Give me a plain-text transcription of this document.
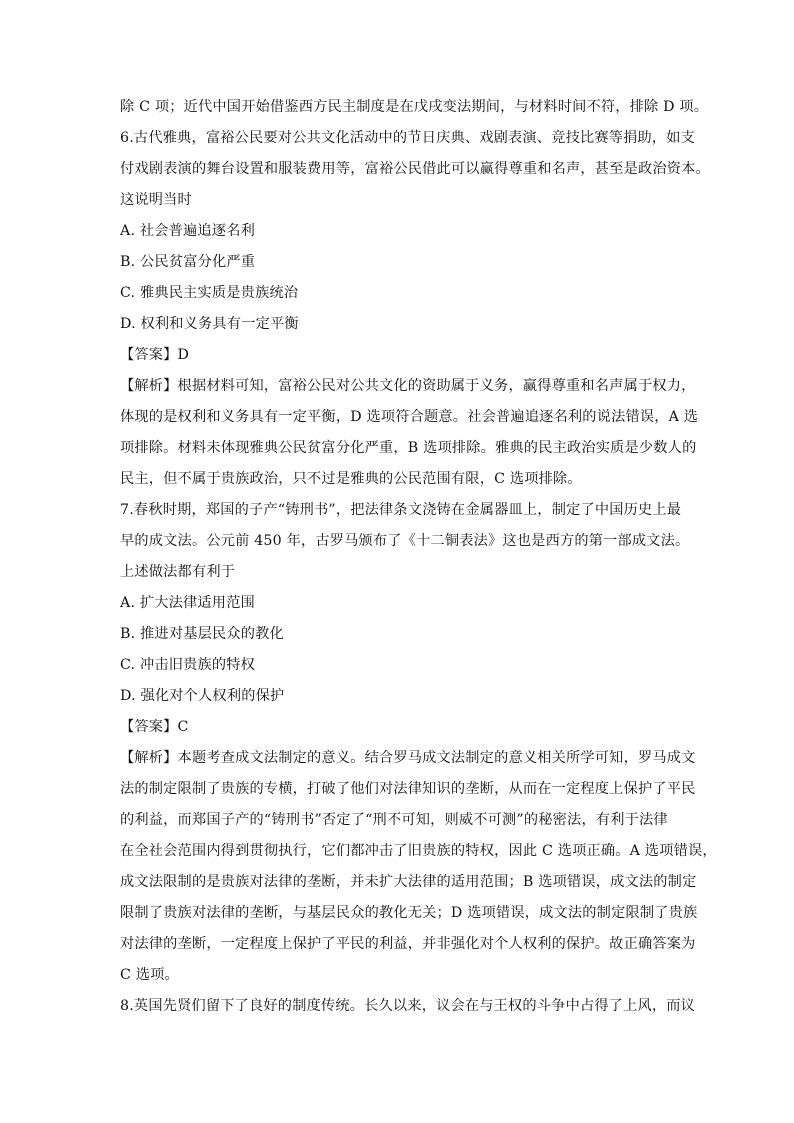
除 C 项；近代中国开始借鉴西方民主制度是在戊戌变法期间，与材料时间不符，排除 D 项。
6.古代雅典，富裕公民要对公共文化活动中的节日庆典、戏剧表演、竞技比赛等捐助，如支
付戏剧表演的舞台设置和服装费用等，富裕公民借此可以赢得尊重和名声，甚至是政治资本。
这说明当时
A. 社会普遍追逐名利
B. 公民贫富分化严重
C. 雅典民主实质是贵族统治
D. 权利和义务具有一定平衡
【答案】D
【解析】根据材料可知，富裕公民对公共文化的资助属于义务，赢得尊重和名声属于权力，
体现的是权利和义务具有一定平衡，D 选项符合题意。社会普遍追逐名利的说法错误，A 选
项排除。材料未体现雅典公民贫富分化严重，B 选项排除。雅典的民主政治实质是少数人的
民主，但不属于贵族政治，只不过是雅典的公民范围有限，C 选项排除。
7.春秋时期，郑国的子产“铸刑书”，把法律条文浇铸在金属器皿上，制定了中国历史上最
早的成文法。公元前 450 年，古罗马颁布了《十二铜表法》这也是西方的第一部成文法。
上述做法都有利于
A. 扩大法律适用范围
B. 推进对基层民众的教化
C. 冲击旧贵族的特权
D. 强化对个人权利的保护
【答案】C
【解析】本题考查成文法制定的意义。结合罗马成文法制定的意义相关所学可知，罗马成文
法的制定限制了贵族的专横，打破了他们对法律知识的垄断，从而在一定程度上保护了平民
的利益，而郑国子产的“铸刑书”否定了“刑不可知，则威不可测”的秘密法，有利于法律
在全社会范围内得到贯彻执行，它们都冲击了旧贵族的特权，因此 C 选项正确。A 选项错误，
成文法限制的是贵族对法律的垄断，并未扩大法律的适用范围；B 选项错误，成文法的制定
限制了贵族对法律的垄断，与基层民众的教化无关；D 选项错误，成文法的制定限制了贵族
对法律的垄断，一定程度上保护了平民的利益，并非强化对个人权利的保护。故正确答案为
C 选项。
8.英国先贤们留下了良好的制度传统。长久以来，议会在与王权的斗争中占得了上风，而议
